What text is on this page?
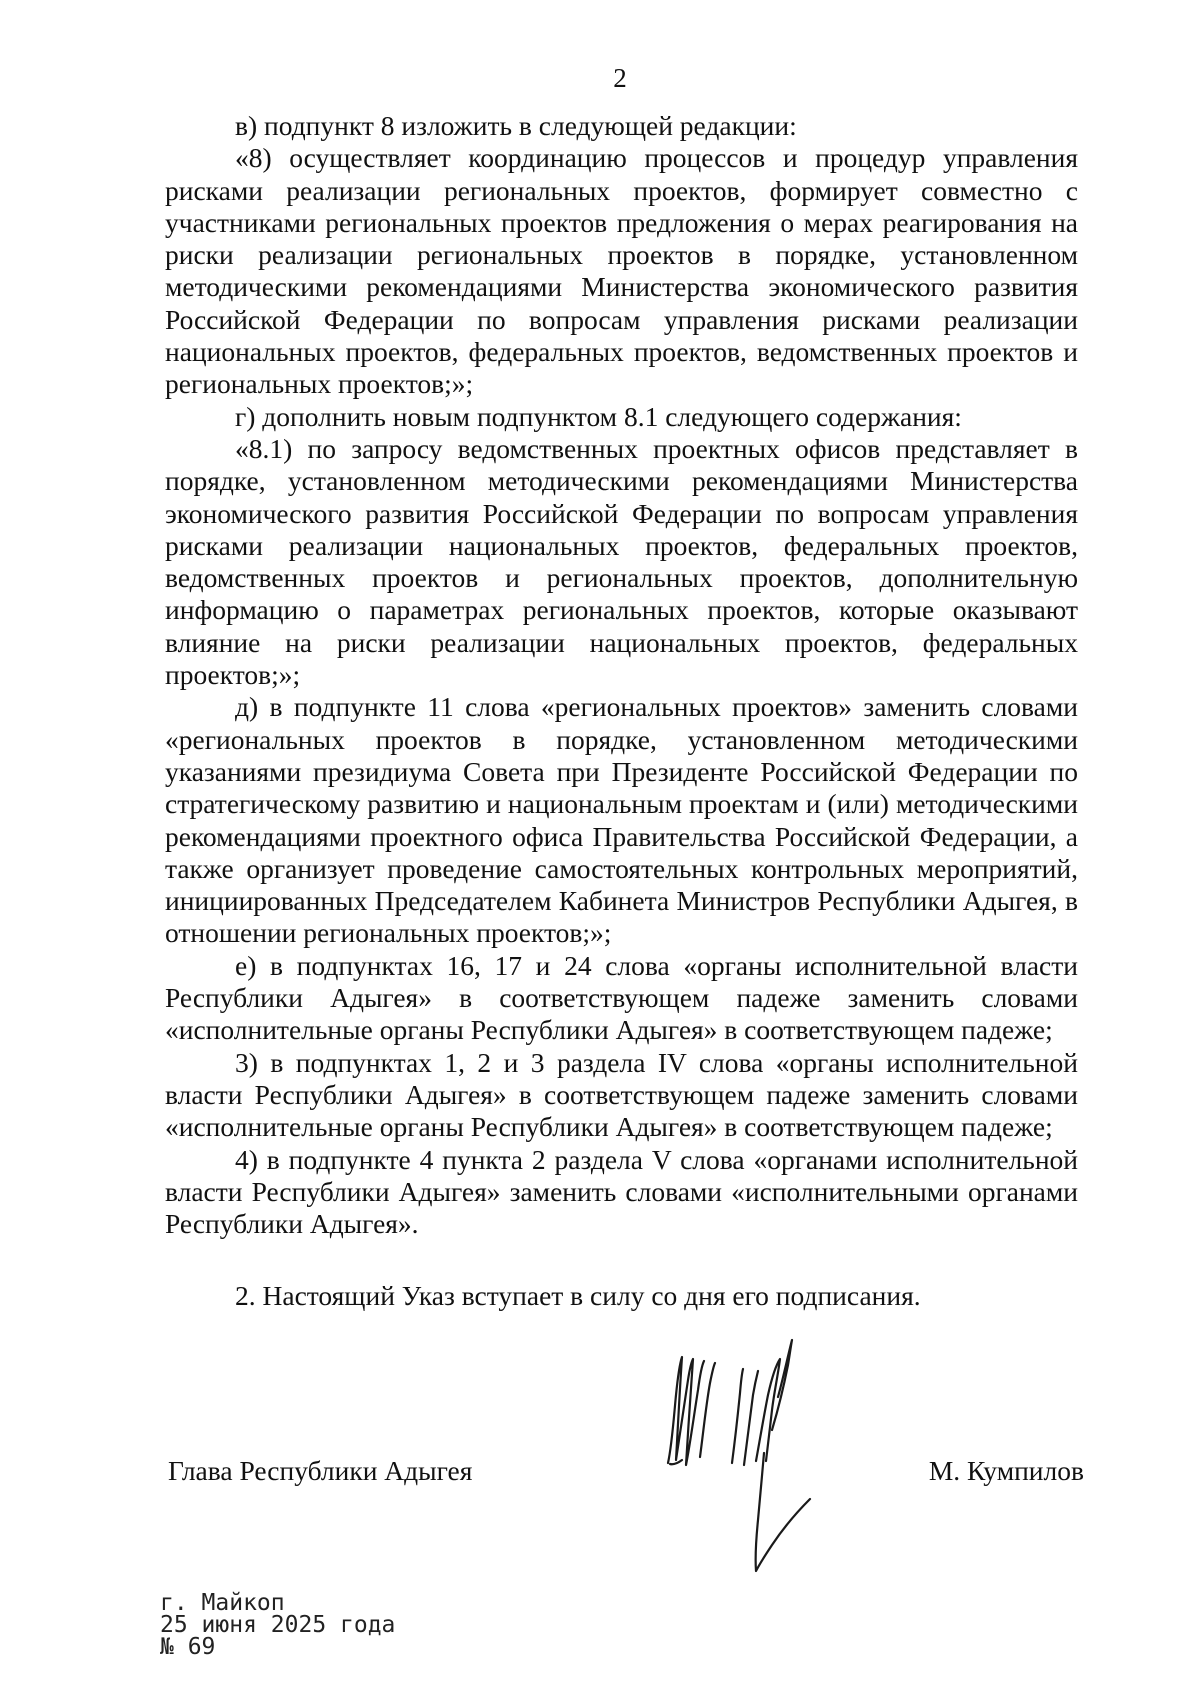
2

в) подпункт 8 изложить в следующей редакции:

«8) осуществляет координацию процессов и процедур управления рисками реализации региональных проектов, формирует совместно с участниками региональных проектов предложения о мерах реагирования на риски реализации региональных проектов в порядке, установленном методическими рекомендациями Министерства экономического развития Российской Федерации по вопросам управления рисками реализации национальных проектов, федеральных проектов, ведомственных проектов и региональных проектов;»;

г) дополнить новым подпунктом 8.1 следующего содержания:

«8.1) по запросу ведомственных проектных офисов представляет в порядке, установленном методическими рекомендациями Министерства экономического развития Российской Федерации по вопросам управления рисками реализации национальных проектов, федеральных проектов, ведомственных проектов и региональных проектов, дополнительную информацию о параметрах региональных проектов, которые оказывают влияние на риски реализации национальных проектов, федеральных проектов;»;

д) в подпункте 11 слова «региональных проектов» заменить словами «региональных проектов в порядке, установленном методическими указаниями президиума Совета при Президенте Российской Федерации по стратегическому развитию и национальным проектам и (или) методическими рекомендациями проектного офиса Правительства Российской Федерации, а также организует проведение самостоятельных контрольных мероприятий, инициированных Председателем Кабинета Министров Республики Адыгея, в отношении региональных проектов;»;

е) в подпунктах 16, 17 и 24 слова «органы исполнительной власти Республики Адыгея» в соответствующем падеже заменить словами «исполнительные органы Республики Адыгея» в соответствующем падеже;

3) в подпунктах 1, 2 и 3 раздела IV слова «органы исполнительной власти Республики Адыгея» в соответствующем падеже заменить словами «исполнительные органы Республики Адыгея» в соответствующем падеже;

4) в подпункте 4 пункта 2 раздела V слова «органами исполнительной власти Республики Адыгея» заменить словами «исполнительными органами Республики Адыгея».

2. Настоящий Указ вступает в силу со дня его подписания.

Глава Республики Адыгея	М. Кумпилов
г. Майкоп
25 июня 2025 года
№ 69
